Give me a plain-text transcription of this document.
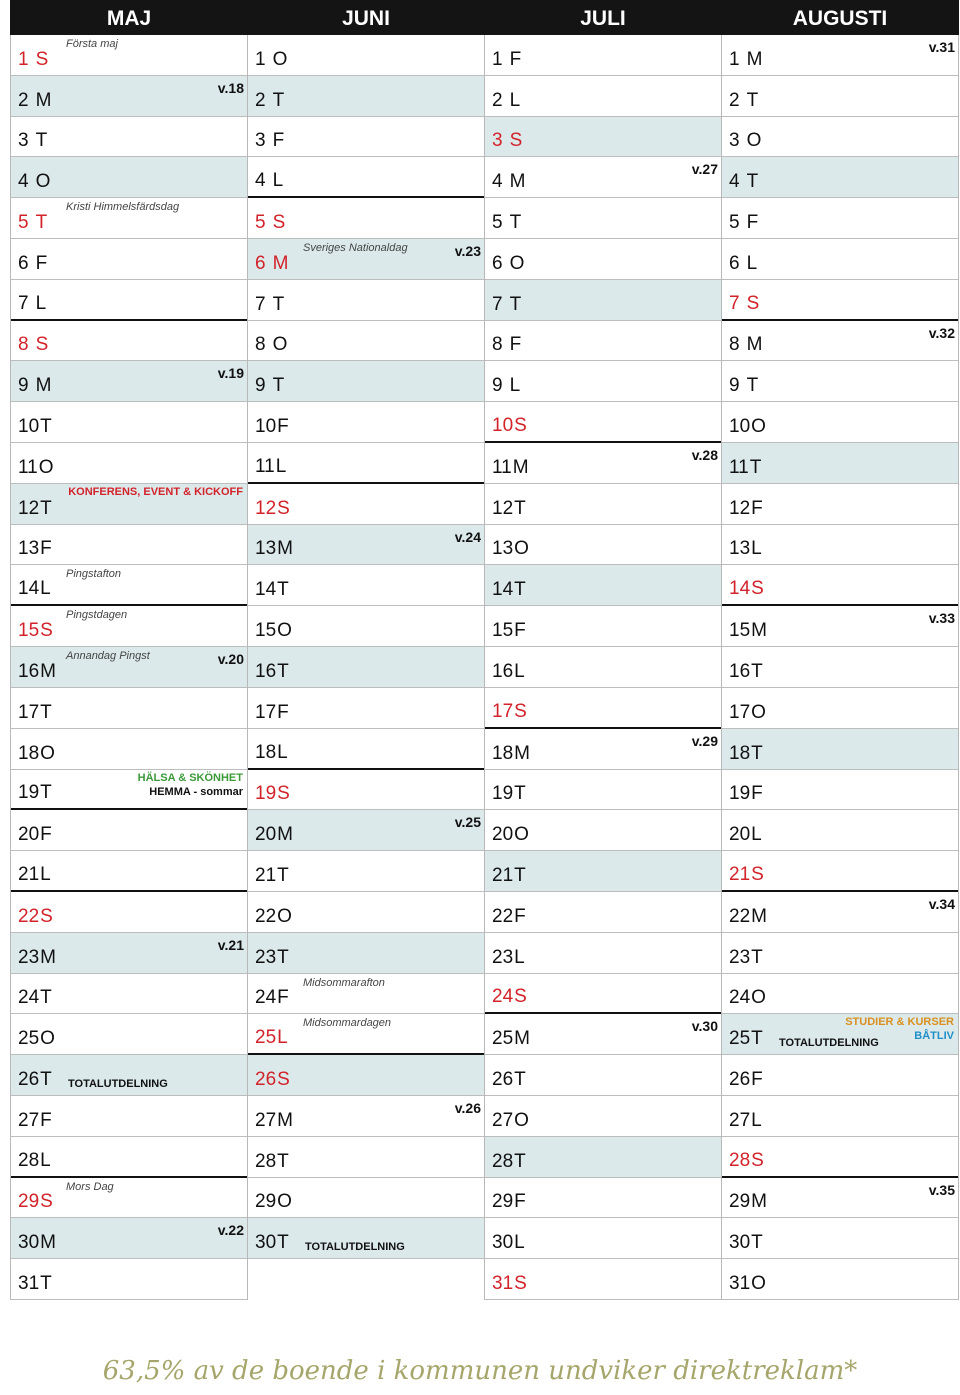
MAJ
1 S
Första maj
2 M
3 T
4 O
5 T
Kristi Himmelsfärdsdag
6 F
7 L
8 S
9 M
10T
11O
12T
13F
14L
Pingstafton
15S
Pingstdagen
16M
Annandag Pingst
17T
18O
19T
20F
21L
22S
23M
24T
25O
26T
27F
28L
29S
Mors Dag
30M
31T
JUNI
1 O
2 T
3 F
4 L
5 S
6 M
Sveriges Nationaldag
7 T
8 O
9 T
10F
11L
12S
13M
14T
15O
16T
17F
18L
19S
20M
21T
22O
23T
24F
Midsommarafton
25L
Midsommardagen
26S
27M
28T
29O
30T
JULI
1 F
2 L
3 S
4 M
5 T
6 O
7 T
8 F
9 L
10S
11M
12T
13O
14T
15F
16L
17S
18M
19T
20O
21T
22F
23L
24S
25M
26T
27O
28T
29F
30L
31S
AUGUSTI
1 M
2 T
3 O
4 T
5 F
6 L
7 S
8 M
9 T
10O
11T
12F
13L
14S
15M
16T
17O
18T
19F
20L
21S
22M
23T
24O
25T
26F
27L
28S
29M
30T
31O
v.18
v.19
v.20
v.21
v.22
v.23
v.24
v.25
v.26
v.27
v.28
v.29
v.30
v.31
v.32
v.33
v.34
v.35
KONFERENS, EVENT & KICKOFF
HÄLSA & SKÖNHET
HEMMA - sommar
TOTALUTDELNING
TOTALUTDELNING
STUDIER & KURSER
BÅTLIV
TOTALUTDELNING
63,5% av de boende i kommunen undviker direktreklam*
